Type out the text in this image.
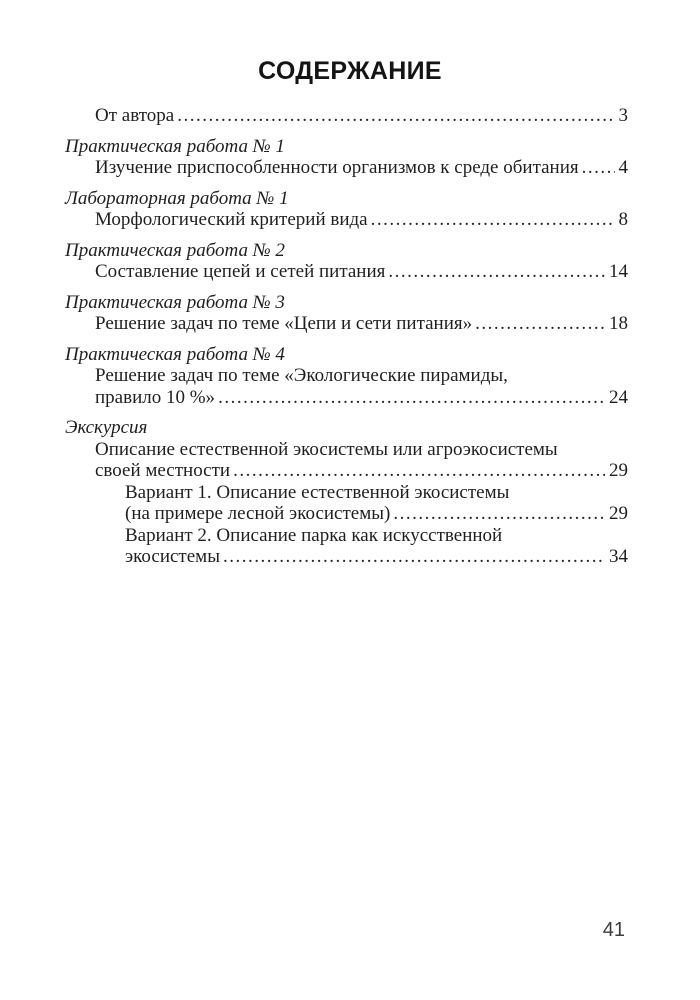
СОДЕРЖАНИЕ
От автора .....	3
Практическая работа № 1
Изучение приспособленности организмов к среде обитания ..... 4
Лабораторная работа № 1
Морфологический критерий вида .....	8
Практическая работа № 2
Составление цепей и сетей питания .....	14
Практическая работа № 3
Решение задач по теме «Цепи и сети питания» .....	18
Практическая работа № 4
Решение задач по теме «Экологические пирамиды,
правило 10 %» .....	24
Экскурсия
Описание естественной экосистемы или агроэкосистемы
своей местности .....	29
Вариант 1. Описание естественной экосистемы
(на примере лесной экосистемы) .....	29
Вариант 2. Описание парка как искусственной
экосистемы .....	34
41
